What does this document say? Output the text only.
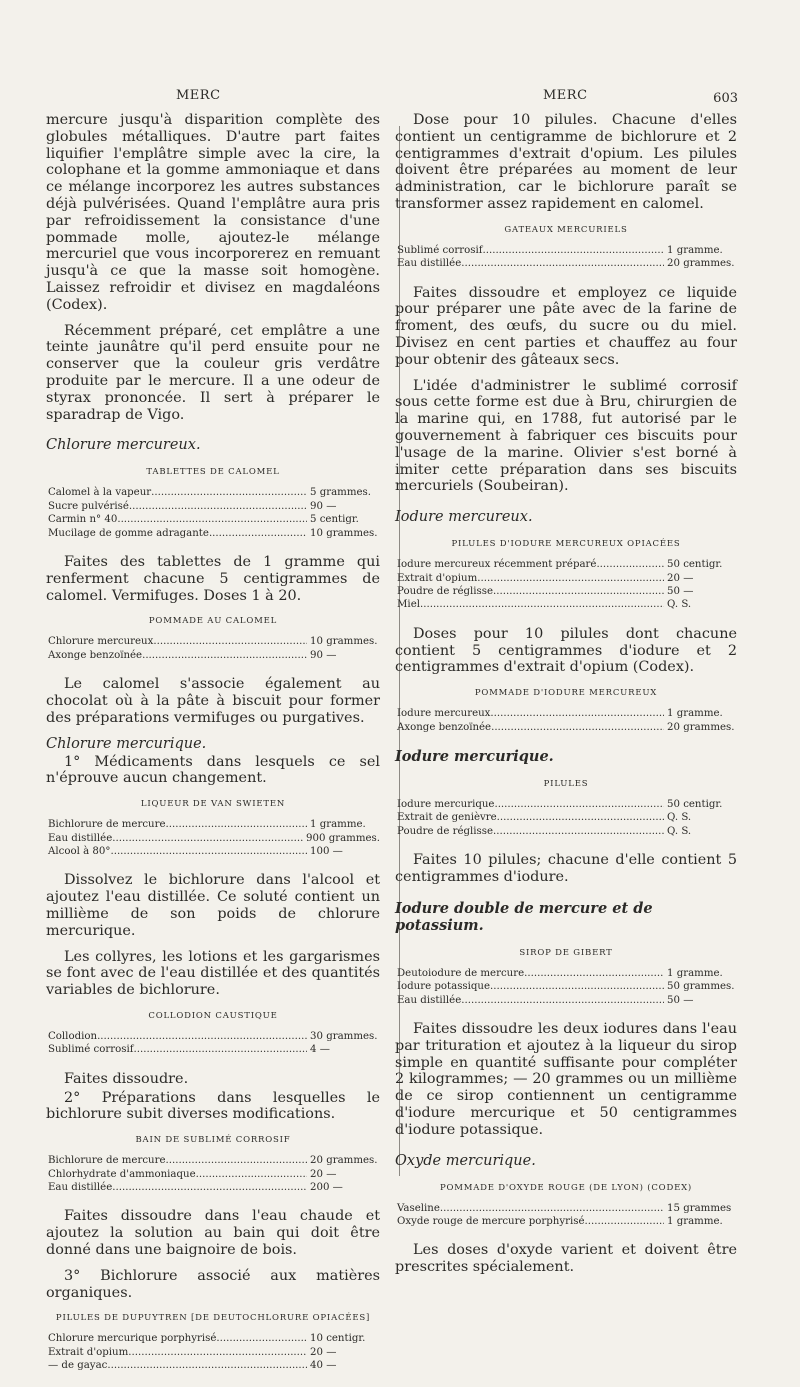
MERC	MERC	603

mercure jusqu'à disparition complète des globules métalliques. D'autre part faites liquifier l'emplâtre simple avec la cire, la colophane et la gomme ammoniaque et dans ce mélange incorporez les autres substances déjà pulvérisées. Quand l'emplâtre aura pris par refroidissement la consistance d'une pommade molle, ajoutez-le mélange mercuriel que vous incorporerez en remuant jusqu'à ce que la masse soit homogène. Laissez refroidir et divisez en magdaléons (Codex).

Récemment préparé, cet emplâtre a une teinte jaunâtre qu'il perd ensuite pour ne conserver que la couleur gris verdâtre produite par le mercure. Il a une odeur de styrax prononcée. Il sert à préparer le sparadrap de Vigo.

Chlorure mercureux.
TABLETTES DE CALOMEL
Calomel à la vapeur .....	5 grammes.
Sucre pulvérisé .....	90 —
Carmin n° 40 .....	5 centigr.
Mucilage de gomme adragante .....	10 grammes.

Faites des tablettes de 1 gramme qui renferment chacune 5 centigrammes de calomel. Vermifuges. Doses 1 à 20.

POMMADE AU CALOMEL
Chlorure mercureux .....	10 grammes.
Axonge benzoïnée .....	90 —

Le calomel s'associe également au chocolat où à la pâte à biscuit pour former des préparations vermifuges ou purgatives.

Chlorure mercurique.

1° Médicaments dans lesquels ce sel n'éprouve aucun changement.

LIQUEUR DE VAN SWIETEN
Bichlorure de mercure .....	1 gramme.
Eau distillée .....	900 grammes.
Alcool à 80° .....	100 —

Dissolvez le bichlorure dans l'alcool et ajoutez l'eau distillée. Ce soluté contient un millième de son poids de chlorure mercurique.

Les collyres, les lotions et les gargarismes se font avec de l'eau distillée et des quantités variables de bichlorure.

COLLODION CAUSTIQUE
Collodion .....	30 grammes.
Sublimé corrosif .....	4 —

Faites dissoudre.

2° Préparations dans lesquelles le bichlorure subit diverses modifications.

BAIN DE SUBLIMÉ CORROSIF
Bichlorure de mercure .....	20 grammes.
Chlorhydrate d'ammoniaque .....	20 —
Eau distillée .....	200 —

Faites dissoudre dans l'eau chaude et ajoutez la solution au bain qui doit être donné dans une baignoire de bois.

3° Bichlorure associé aux matières organiques.

PILULES DE DUPUYTREN [DE DEUTOCHLORURE OPIACÉES]
Chlorure mercurique porphyrisé .....	10 centigr.
Extrait d'opium .....	20 —
— de gayac .....	40 —

Dose pour 10 pilules. Chacune d'elles contient un centigramme de bichlorure et 2 centigrammes d'extrait d'opium. Les pilules doivent être préparées au moment de leur administration, car le bichlorure paraît se transformer assez rapidement en calomel.

GATEAUX MERCURIELS
Sublimé corrosif .....	1 gramme.
Eau distillée .....	20 grammes.

Faites dissoudre et employez ce liquide pour préparer une pâte avec de la farine de froment, des œufs, du sucre ou du miel. Divisez en cent parties et chauffez au four pour obtenir des gâteaux secs.

L'idée d'administrer le sublimé corrosif sous cette forme est due à Bru, chirurgien de la marine qui, en 1788, fut autorisé par le gouvernement à fabriquer ces biscuits pour l'usage de la marine. Olivier s'est borné à imiter cette préparation dans ses biscuits mercuriels (Soubeiran).

Iodure mercureux.
PILULES D'IODURE MERCUREUX OPIACÉES
Iodure mercureux récemment préparé .....	50 centigr.
Extrait d'opium .....	20 —
Poudre de réglisse .....	50 —
Miel .....	Q. S.

Doses pour 10 pilules dont chacune contient 5 centigrammes d'iodure et 2 centigrammes d'extrait d'opium (Codex).

POMMADE D'IODURE MERCUREUX
Iodure mercureux .....	1 gramme.
Axonge benzoïnée .....	20 grammes.
Iodure mercurique.
PILULES
Iodure mercurique .....	50 centigr.
Extrait de genièvre .....	Q. S.
Poudre de réglisse .....	Q. S.

Faites 10 pilules; chacune d'elle contient 5 centigrammes d'iodure.

Iodure double de mercure et de potassium.
SIROP DE GIBERT
Deutoiodure de mercure .....	1 gramme.
Iodure potassique .....	50 grammes.
Eau distillée .....	50 —

Faites dissoudre les deux iodures dans l'eau par trituration et ajoutez à la liqueur du sirop simple en quantité suffisante pour compléter 2 kilogrammes; — 20 grammes ou un millième de ce sirop contiennent un centigramme d'iodure mercurique et 50 centigrammes d'iodure potassique.

Oxyde mercurique.
POMMADE D'OXYDE ROUGE (DE LYON) (CODEX)
Vaseline .....	15 grammes
Oxyde rouge de mercure porphyrisé .....	1 gramme.

Les doses d'oxyde varient et doivent être prescrites spécialement.
